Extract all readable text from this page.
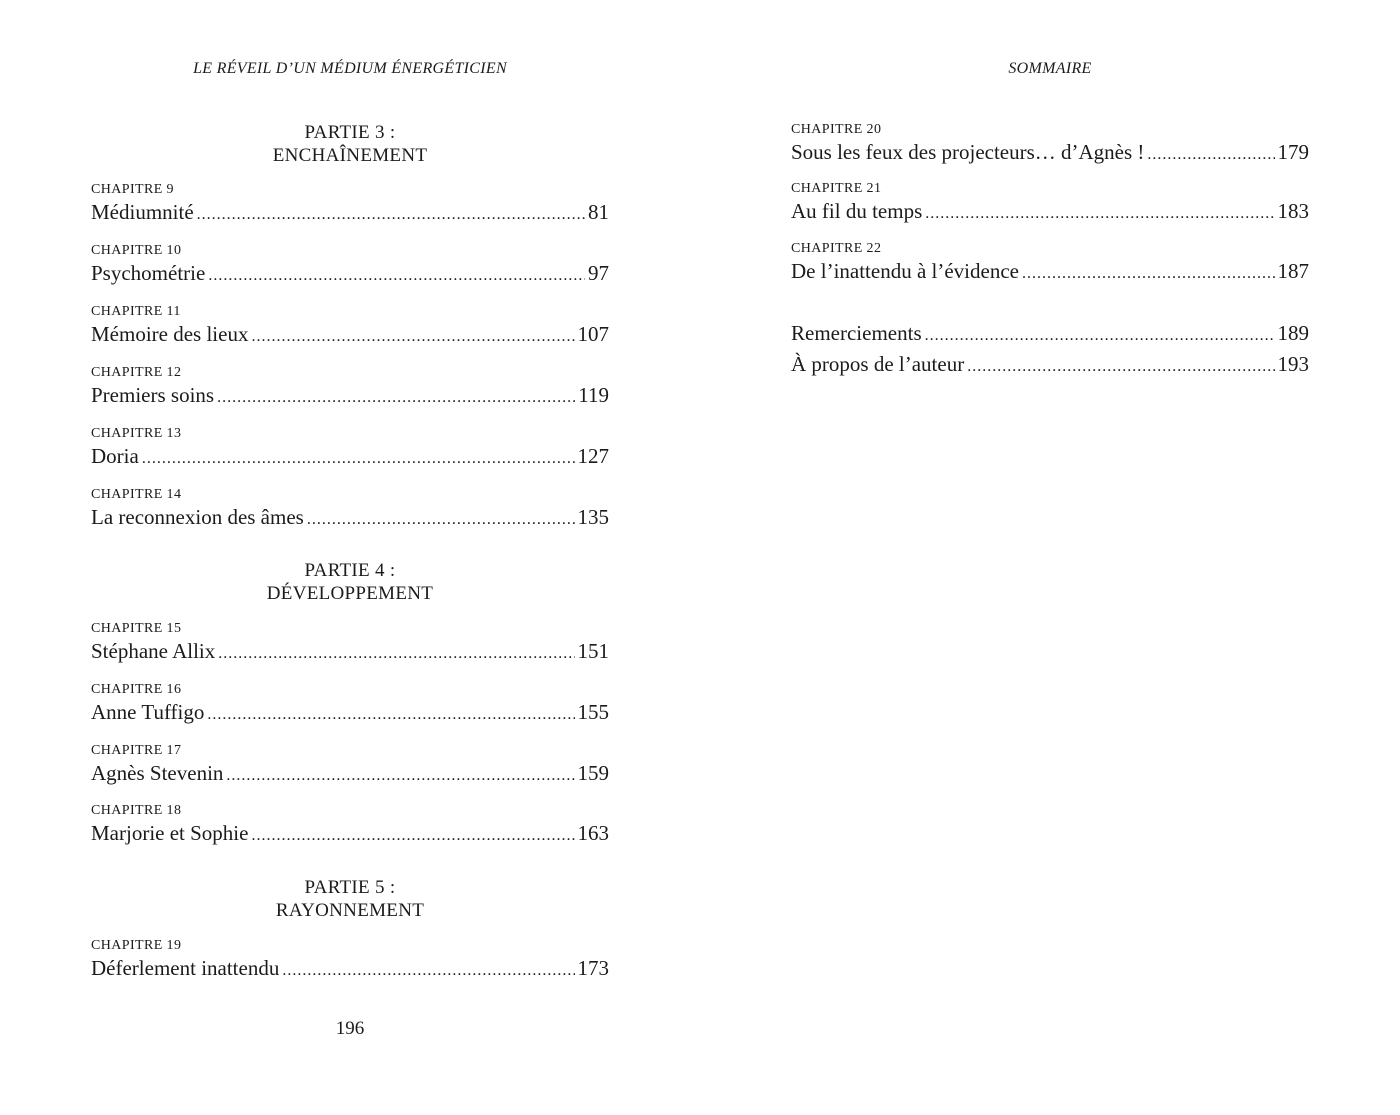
LE RÉVEIL D’UN MÉDIUM ÉNERGÉTICIEN
PARTIE 3 :
ENCHAÎNEMENT
CHAPITRE 9
Médiumnité .....	81
CHAPITRE 10
Psychométrie .....	97
CHAPITRE 11
Mémoire des lieux .....	107
CHAPITRE 12
Premiers soins .....	119
CHAPITRE 13
Doria .....	127
CHAPITRE 14
La reconnexion des âmes .....	135
PARTIE 4 :
DÉVELOPPEMENT
CHAPITRE 15
Stéphane Allix .....	151
CHAPITRE 16
Anne Tuffigo .....	155
CHAPITRE 17
Agnès Stevenin .....	159
CHAPITRE 18
Marjorie et Sophie .....	163
PARTIE 5 :
RAYONNEMENT
CHAPITRE 19
Déferlement inattendu .....	173
196
SOMMAIRE
CHAPITRE 20
Sous les feux des projecteurs… d’Agnès ! .....	179
CHAPITRE 21
Au fil du temps .....	183
CHAPITRE 22
De l’inattendu à l’évidence .....	187
Remerciements .....	189
À propos de l’auteur .....	193
